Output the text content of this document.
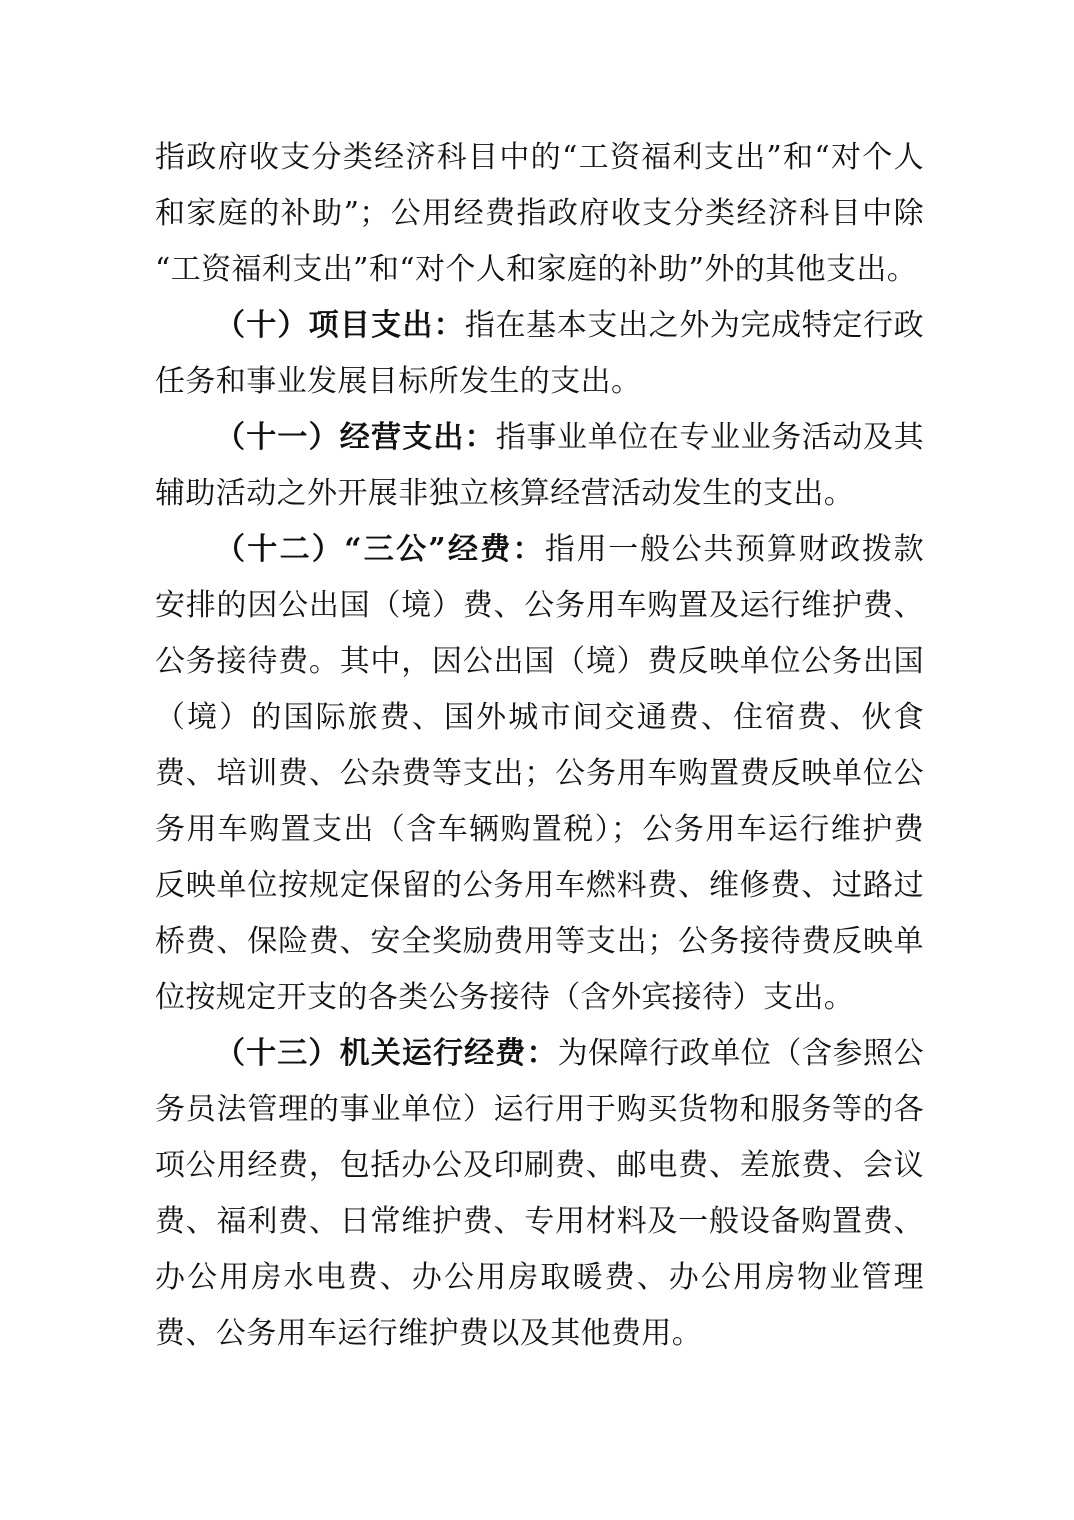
指政府收支分类经济科目中的“工资福利支出”和“对个人和家庭的补助”；公用经费指政府收支分类经济科目中除“工资福利支出”和“对个人和家庭的补助”外的其他支出。

（十）项目支出：指在基本支出之外为完成特定行政任务和事业发展目标所发生的支出。

（十一）经营支出：指事业单位在专业业务活动及其辅助活动之外开展非独立核算经营活动发生的支出。

（十二）“三公”经费：指用一般公共预算财政拨款安排的因公出国（境）费、公务用车购置及运行维护费、公务接待费。其中，因公出国（境）费反映单位公务出国（境）的国际旅费、国外城市间交通费、住宿费、伙食费、培训费、公杂费等支出；公务用车购置费反映单位公务用车购置支出（含车辆购置税）；公务用车运行维护费反映单位按规定保留的公务用车燃料费、维修费、过路过桥费、保险费、安全奖励费用等支出；公务接待费反映单位按规定开支的各类公务接待（含外宾接待）支出。

（十三）机关运行经费：为保障行政单位（含参照公务员法管理的事业单位）运行用于购买货物和服务等的各项公用经费，包括办公及印刷费、邮电费、差旅费、会议费、福利费、日常维护费、专用材料及一般设备购置费、办公用房水电费、办公用房取暖费、办公用房物业管理费、公务用车运行维护费以及其他费用。
